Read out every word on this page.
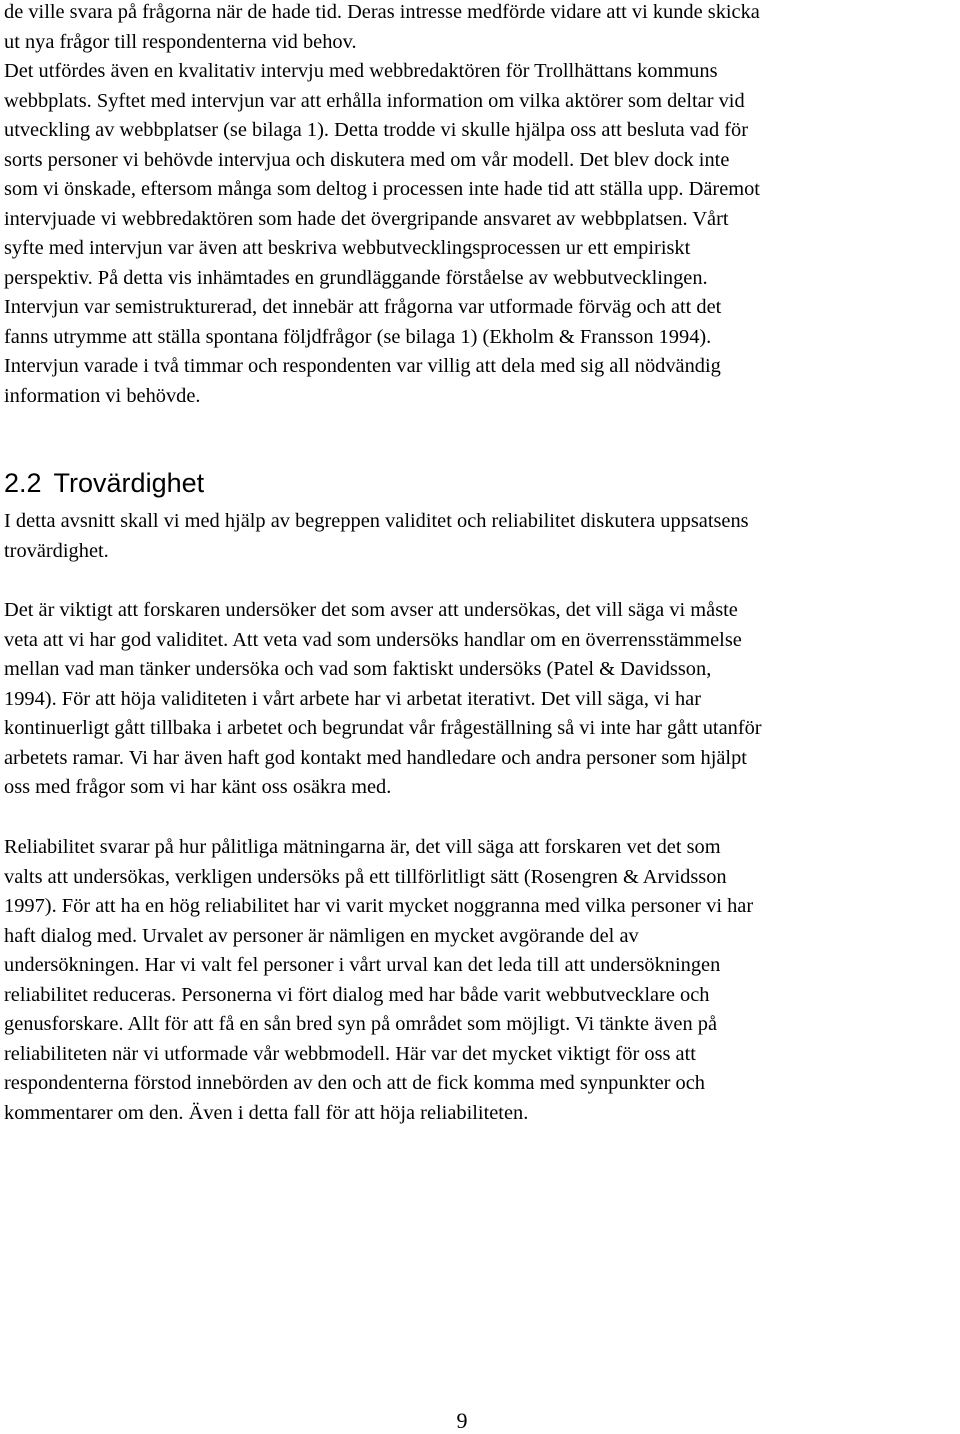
de ville svara på frågorna när de hade tid. Deras intresse medförde vidare att vi kunde skicka
ut nya frågor till respondenterna vid behov.
Det utfördes även en kvalitativ intervju med webbredaktören för Trollhättans kommuns
webbplats. Syftet med intervjun var att erhålla information om vilka aktörer som deltar vid
utveckling av webbplatser (se bilaga 1). Detta trodde vi skulle hjälpa oss att besluta vad för
sorts personer vi behövde intervjua och diskutera med om vår modell. Det blev dock inte
som vi önskade, eftersom många som deltog i processen inte hade tid att ställa upp. Däremot
intervjuade vi webbredaktören som hade det övergripande ansvaret av webbplatsen. Vårt
syfte med intervjun var även att beskriva webbutvecklingsprocessen ur ett empiriskt
perspektiv. På detta vis inhämtades en grundläggande förståelse av webbutvecklingen.
Intervjun var semistrukturerad, det innebär att frågorna var utformade förväg och att det
fanns utrymme att ställa spontana följdfrågor (se bilaga 1) (Ekholm & Fransson 1994).
Intervjun varade i två timmar och respondenten var villig att dela med sig all nödvändig
information vi behövde.
2.2 Trovärdighet
I detta avsnitt skall vi med hjälp av begreppen validitet och reliabilitet diskutera uppsatsens
trovärdighet.
Det är viktigt att forskaren undersöker det som avser att undersökas, det vill säga vi måste
veta att vi har god validitet. Att veta vad som undersöks handlar om en överrensstämmelse
mellan vad man tänker undersöka och vad som faktiskt undersöks (Patel & Davidsson,
1994). För att höja validiteten i vårt arbete har vi arbetat iterativt. Det vill säga, vi har
kontinuerligt gått tillbaka i arbetet och begrundat vår frågeställning så vi inte har gått utanför
arbetets ramar. Vi har även haft god kontakt med handledare och andra personer som hjälpt
oss med frågor som vi har känt oss osäkra med.
Reliabilitet svarar på hur pålitliga mätningarna är, det vill säga att forskaren vet det som
valts att undersökas, verkligen undersöks på ett tillförlitligt sätt (Rosengren & Arvidsson
1997). För att ha en hög reliabilitet har vi varit mycket noggranna med vilka personer vi har
haft dialog med. Urvalet av personer är nämligen en mycket avgörande del av
undersökningen. Har vi valt fel personer i vårt urval kan det leda till att undersökningen
reliabilitet reduceras. Personerna vi fört dialog med har både varit webbutvecklare och
genusforskare. Allt för att få en sån bred syn på området som möjligt. Vi tänkte även på
reliabiliteten när vi utformade vår webbmodell. Här var det mycket viktigt för oss att
respondenterna förstod innebörden av den och att de fick komma med synpunkter och
kommentarer om den. Även i detta fall för att höja reliabiliteten.
9
